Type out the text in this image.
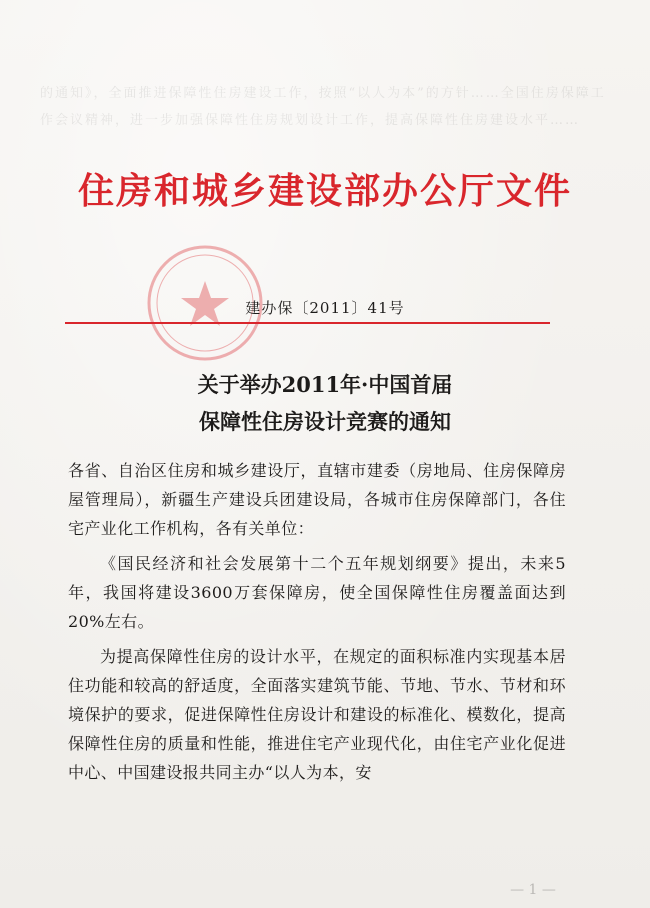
的通知》，全面推进保障性住房建设工作，按照“以人为本”的方针……全国住房保障工作会议精神，进一步加强保障性住房规划设计工作，提高保障性住房建设水平……
住房和城乡建设部办公厅文件
建办保〔2011〕41号
关于举办2011年·中国首届
保障性住房设计竞赛的通知

各省、自治区住房和城乡建设厅，直辖市建委（房地局、住房保障房屋管理局），新疆生产建设兵团建设局，各城市住房保障部门，各住宅产业化工作机构，各有关单位：

《国民经济和社会发展第十二个五年规划纲要》提出，未来5年，我国将建设3600万套保障房，使全国保障性住房覆盖面达到20%左右。

为提高保障性住房的设计水平，在规定的面积标准内实现基本居住功能和较高的舒适度，全面落实建筑节能、节地、节水、节材和环境保护的要求，促进保障性住房设计和建设的标准化、模数化，提高保障性住房的质量和性能，推进住宅产业现代化，由住宅产业化促进中心、中国建设报共同主办“以人为本，安

— 1 —
